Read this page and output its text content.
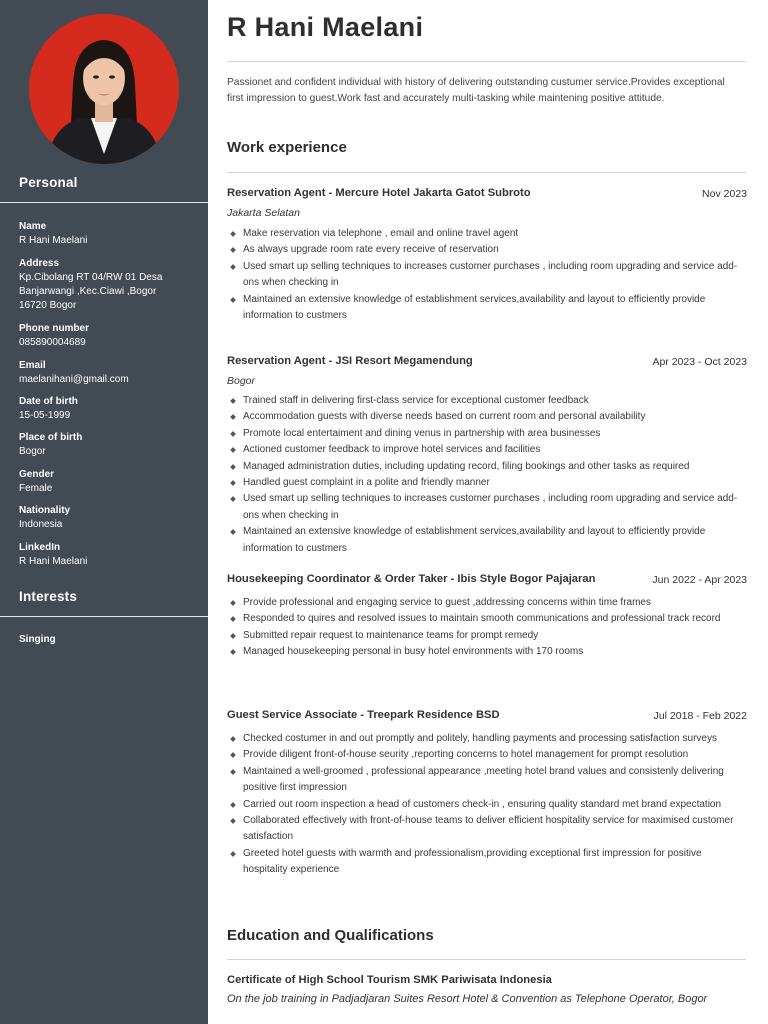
Personal
Name
R Hani Maelani
Address
Kp.Cibolang RT 04/RW 01 Desa
Banjarwangi ,Kec.Ciawi ,Bogor
16720 Bogor
Phone number
085890004689
Email
maelanihani@gmail.com
Date of birth
15-05-1999
Place of birth
Bogor
Gender
Female
Nationality
Indonesia
LinkedIn
R Hani Maelani
Interests
Singing
R Hani Maelani

Passionet and confident individual with history of delivering outstanding custumer service.Provides exceptional first impression to guest.Work fast and accurately multi-tasking while maintening positive attitude.

Work experience
Reservation Agent - Mercure Hotel Jakarta Gatot Subroto	Nov 2023
Jakarta Selatan
Make reservation via telephone , email and online travel agent
As always upgrade room rate every receive of reservation
Used smart up selling techniques to increases customer purchases , including room upgrading and service add-ons when checking in
Maintained an extensive knowledge of establishment services,availability and layout to efficiently provide information to custmers
Reservation Agent - JSI Resort Megamendung	Apr 2023 - Oct 2023
Bogor
Trained staff in delivering first-class service for exceptional customer feedback
Accommodation guests with diverse needs based on current room and personal availability
Promote local entertaiment and dining venus in partnership with area businesses
Actioned customer feedback to improve hotel services and facilities
Managed administration duties, including updating record, filing bookings and other tasks as required
Handled guest complaint in a polite and friendly manner
Used smart up selling techniques to increases customer purchases , including room upgrading and service add-ons when checking in
Maintained an extensive knowledge of establishment services,availability and layout to efficiently provide information to custmers
Housekeeping Coordinator & Order Taker - Ibis Style Bogor Pajajaran	Jun 2022 - Apr 2023
Provide professional and engaging service to guest ,addressing concerns within time frames
Responded to quires and resolved issues to maintain smooth communications and professional track record
Submitted repair request to maintenance teams for prompt remedy
Managed housekeeping personal in busy hotel environments with 170 rooms
Guest Service Associate - Treepark Residence BSD	Jul 2018 - Feb 2022
Checked costumer in and out promptly and politely, handling payments and processing satisfaction surveys
Provide diligent front-of-house seurity ,reporting concerns to hotel management for prompt resolution
Maintained a well-groomed , professional appearance ,meeting hotel brand values and consistenly delivering positive first impression
Carried out room inspection a head of customers check-in , ensuring quality standard met brand expectation
Collaborated effectively with front-of-house teams to deliver efficient hospitality service for maximised customer satisfaction
Greeted hotel guests with warmth and professionalism,providing exceptional first impression for positive hospitality experience
Education and Qualifications
Certificate of High School Tourism SMK Pariwisata Indonesia
On the job training in Padjadjaran Suites Resort Hotel & Convention as Telephone Operator, Bogor
